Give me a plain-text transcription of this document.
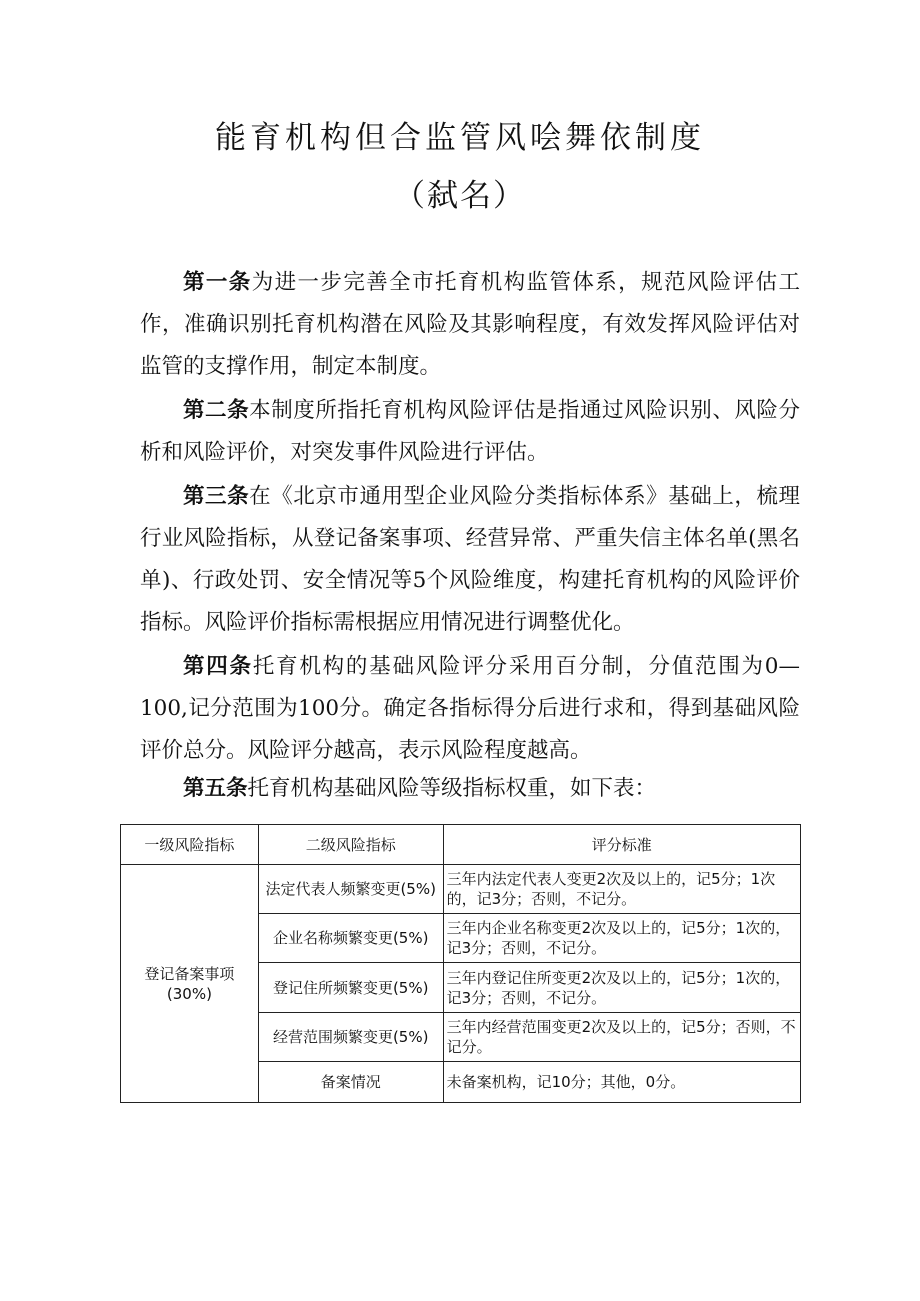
能育机构但合监管风哙舞依制度
（弑名）

第一条为进一步完善全市托育机构监管体系，规范风险评估工作，准确识别托育机构潜在风险及其影响程度，有效发挥风险评估对监管的支撑作用，制定本制度。

第二条本制度所指托育机构风险评估是指通过风险识别、风险分析和风险评价，对突发事件风险进行评估。

第三条在《北京市通用型企业风险分类指标体系》基础上，梳理行业风险指标，从登记备案事项、经营异常、严重失信主体名单(黑名单)、行政处罚、安全情况等5个风险维度，构建托育机构的风险评价指标。风险评价指标需根据应用情况进行调整优化。

第四条托育机构的基础风险评分采用百分制，分值范围为0—100,记分范围为100分。确定各指标得分后进行求和，得到基础风险评价总分。风险评分越高，表示风险程度越高。

第五条托育机构基础风险等级指标权重，如下表：

一级风险指标	二级风险指标	评分标准
登记备案事项(30%)	法定代表人频繁变更(5%)	三年内法定代表人变更2次及以上的，记5分；1次的，记3分；否则，不记分。
	企业名称频繁变更(5%)	三年内企业名称变更2次及以上的，记5分；1次的，记3分；否则，不记分。
	登记住所频繁变更(5%)	三年内登记住所变更2次及以上的，记5分；1次的，记3分；否则，不记分。
	经营范围频繁变更(5%)	三年内经营范围变更2次及以上的，记5分；否则，不记分。
	备案情况	未备案机构，记10分；其他，0分。
